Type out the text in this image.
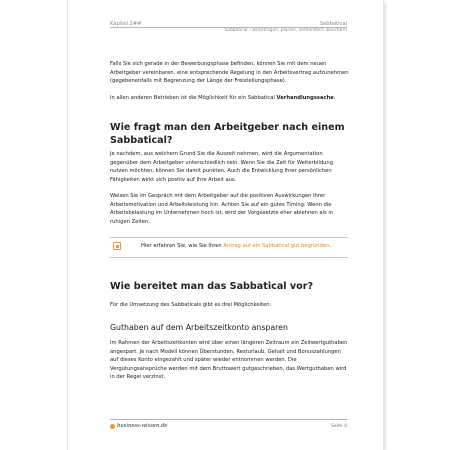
Kapitel 2##	Sabbatical
Sabbatical – beantragen, planen, verhandlich absichern
Falls Sie sich gerade in der Bewerbungsphase befinden, können Sie mit dem neuen Arbeitgeber vereinbaren, eine entsprechende Regelung in den Arbeitsvertrag aufzunehmen (gegebenenfalls mit Begrenzung der Länge der Freistellungsphase).
In allen anderen Betrieben ist die Möglichkeit für ein Sabbatical Verhandlungssache.
Wie fragt man den Arbeitgeber nach einem Sabbatical?
Je nachdem, aus welchem Grund Sie die Auszeit nehmen, wird die Argumentation gegenüber dem Arbeitgeber unterschiedlich sein. Wenn Sie die Zeit für Weiterbildung nutzen möchten, können Sie damit punkten. Auch die Entwicklung Ihrer persönlichen Fähigkeiten wirkt sich positiv auf Ihre Arbeit aus.
Weisen Sie im Gespräch mit dem Arbeitgeber auf die positiven Auswirkungen Ihrer Arbeitsmotivation und Arbeitsleistung hin. Achten Sie auf ein gutes Timing: Wenn die Arbeitsbelastung im Unternehmen hoch ist, wird der Vorgesetzte eher ablehnen als in ruhigen Zeiten.
Hier erfahren Sie, wie Sie Ihren Antrag auf ein Sabbatical gut begründen.
Wie bereitet man das Sabbatical vor?
Für die Umsetzung des Sabbaticals gibt es drei Möglichkeiten:
Guthaben auf dem Arbeitszeitkonto ansparen
Im Rahmen der Arbeitszeitkonten wird über einen längeren Zeitraum ein Zeitwertguthaben angespart. Je nach Modell können Überstunden, Resturlaub, Gehalt und Bonuszahlungen auf dieses Konto eingezahlt und später wieder entnommen werden. Die Vergütungsansprüche werden mit dem Bruttowert gutgeschrieben, das Wertguthaben wird in der Regel verzinst.
business-wissen.de	Seite 4
